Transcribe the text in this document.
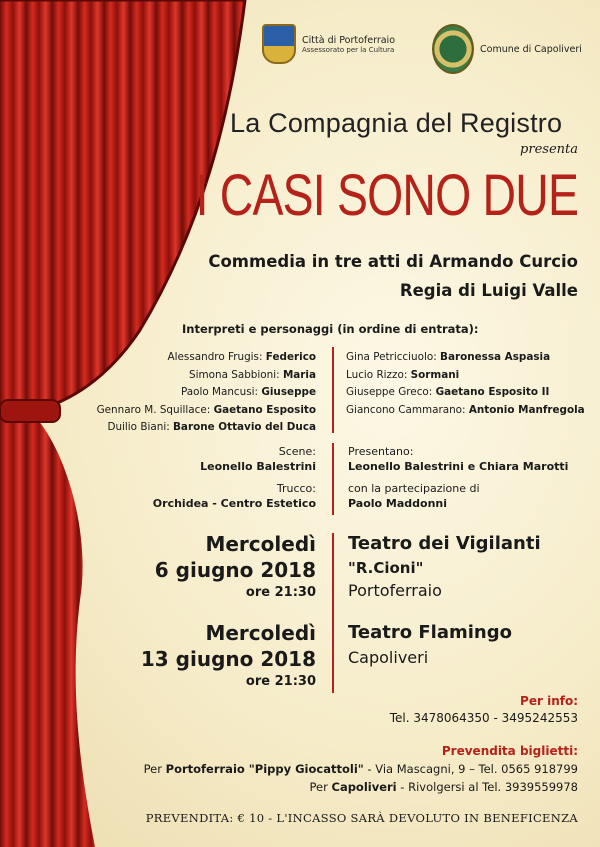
Città di Portoferraio
Assessorato per la Cultura	Comune di Capoliveri
La Compagnia del Registro
presenta
I CASI SONO DUE
Commedia in tre atti di Armando Curcio
Regia di Luigi Valle
Interpreti e personaggi (in ordine di entrata):
Alessandro Frugis: Federico
Simona Sabbioni: Maria
Paolo Mancusi: Giuseppe
Gennaro M. Squillace: Gaetano Esposito
Duilio Biani: Barone Ottavio del Duca
Gina Petricciuolo: Baronessa Aspasia
Lucio Rizzo: Sormani
Giuseppe Greco: Gaetano Esposito II
Giancono Cammarano: Antonio Manfregola
Scene:
Leonello Balestrini
Trucco:
Orchidea - Centro Estetico
Presentano:
Leonello Balestrini e Chiara Marotti
con la partecipazione di
Paolo Maddonni
Mercoledì
6 giugno 2018
ore 21:30
Teatro dei Vigilanti
"R.Cioni"
Portoferraio
Mercoledì
13 giugno 2018
ore 21:30
Teatro Flamingo
Capoliveri
Per info:
Tel. 3478064350 - 3495242553
Prevendita biglietti:
Per Portoferraio "Pippy Giocattoli" - Via Mascagni, 9 – Tel. 0565 918799
Per Capoliveri - Rivolgersi al Tel. 3939559978
PREVENDITA: € 10 - L'INCASSO SARÀ DEVOLUTO IN BENEFICENZA
